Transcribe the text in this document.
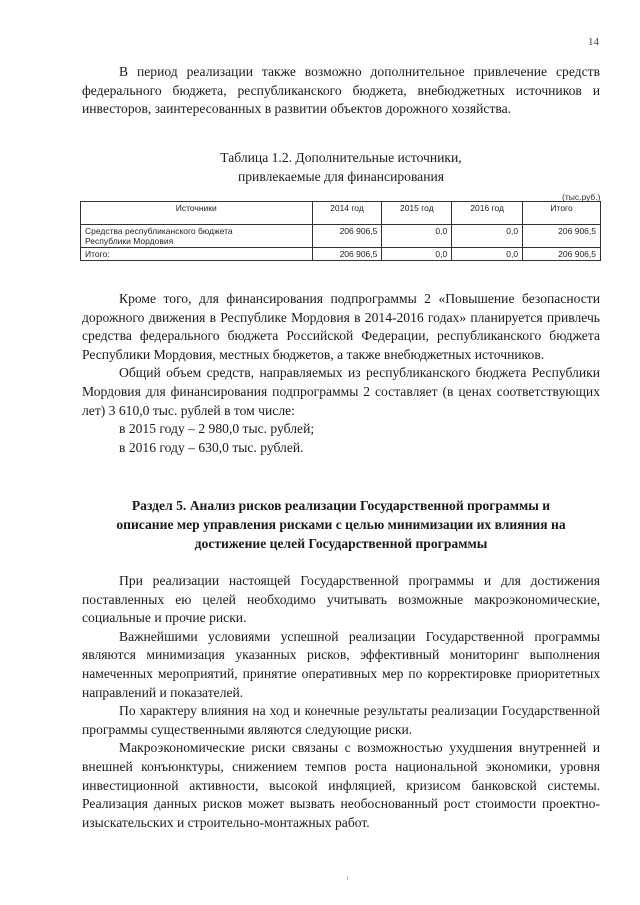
14

В период реализации также возможно дополнительное привлечение средств федерального бюджета, республиканского бюджета, внебюджетных источников и инвесторов, заинтересованных в развитии объектов дорожного хозяйства.

Таблица 1.2. Дополнительные источники,
привлекаемые для финансирования
(тыс.руб.)
Источники	2014 год	2015 год	2016 год	Итого

Средства республиканского бюджета
Республики Мордовия	206 906,5	0,0	0,0	206 906,5
Итого:	206 906,5	0,0	0,0	206 906,5

Кроме того, для финансирования подпрограммы 2 «Повышение безопасности дорожного движения в Республике Мордовия в 2014-2016 годах» планируется привлечь средства федерального бюджета Российской Федерации, республиканского бюджета Республики Мордовия, местных бюджетов, а также внебюджетных источников.

Общий объем средств, направляемых из республиканского бюджета Республики Мордовия для финансирования подпрограммы 2 составляет (в ценах соответствующих лет) 3 610,0 тыс. рублей в том числе:

в 2015 году – 2 980,0 тыс. рублей;

в 2016 году – 630,0 тыс. рублей.

Раздел 5. Анализ рисков реализации Государственной программы и
описание мер управления рисками с целью минимизации их влияния на
достижение целей Государственной программы

При реализации настоящей Государственной программы и для достижения поставленных ею целей необходимо учитывать возможные макроэкономические, социальные и прочие риски.

Важнейшими условиями успешной реализации Государственной программы являются минимизация указанных рисков, эффективный мониторинг выполнения намеченных мероприятий, принятие оперативных мер по корректировке приоритетных направлений и показателей.

По характеру влияния на ход и конечные результаты реализации Государственной программы существенными являются следующие риски.

Макроэкономические риски связаны с возможностью ухудшения внутренней и внешней конъюнктуры, снижением темпов роста национальной экономики, уровня инвестиционной активности, высокой инфляцией, кризисом банковской системы. Реализация данных рисков может вызвать необоснованный рост стоимости проектно-изыскательских и строительно-монтажных работ.
